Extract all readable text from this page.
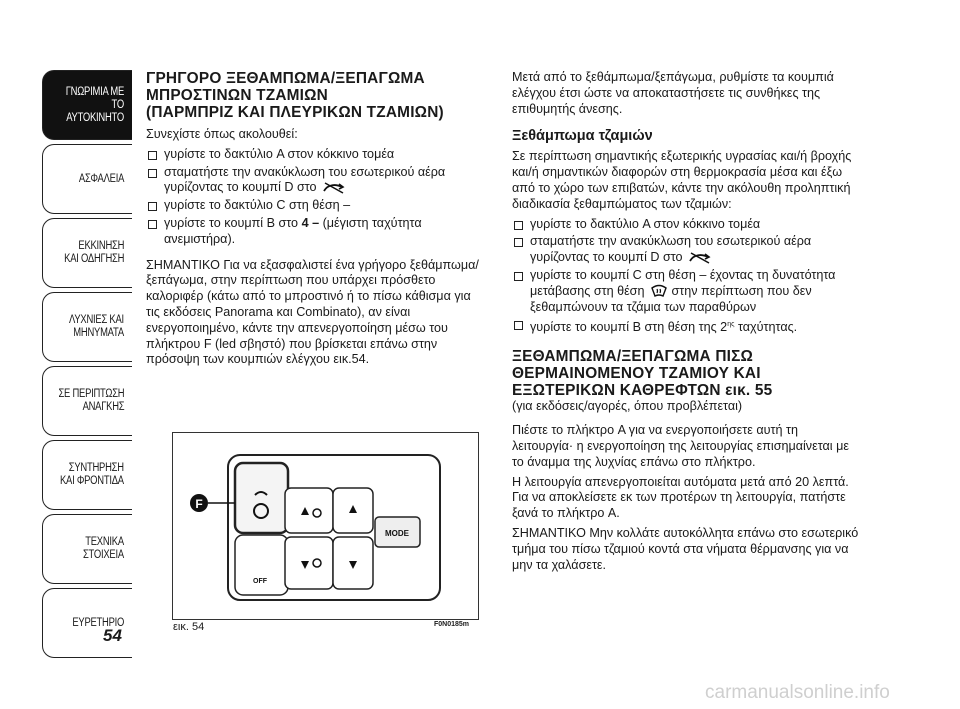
ΓΝΩΡΙΜΙΑ ΜΕ
ΤΟ ΑΥΤΟΚΙΝΗΤΟ
ΑΣΦΑΛΕΙΑ
ΕΚΚΙΝΗΣΗ
ΚΑΙ ΟΔΗΓΗΣΗ
ΛΥΧΝΙΕΣ ΚΑΙ
ΜΗΝΥΜΑΤΑ
ΣΕ ΠΕΡΙΠΤΩΣΗ
ΑΝΑΓΚΗΣ
ΣΥΝΤΗΡΗΣΗ
ΚΑΙ ΦΡΟΝΤΙΔΑ
ΤΕΧΝΙΚΑ
ΣΤΟΙΧΕΙΑ
ΕΥΡΕΤΗΡΙΟ
54
ΓΡΗΓΟΡΟ ΞΕΘΑΜΠΩΜΑ/ΞΕΠΑΓΩΜΑ
ΜΠΡΟΣΤΙΝΩΝ ΤΖΑΜΙΩΝ
(ΠΑΡΜΠΡΙΖ ΚΑΙ ΠΛΕΥΡΙΚΩΝ ΤΖΑΜΙΩΝ)

Συνεχίστε όπως ακολουθεί:

γυρίστε το δακτύλιο A στον κόκκινο τομέα
σταματήστε την ανακύκλωση του εσωτερικού αέρα γυρίζοντας το κουμπί D στο
γυρίστε το δακτύλιο C στη θέση –
γυρίστε το κουμπί B στο 4 – (μέγιστη ταχύτητα ανεμιστήρα).

ΣΗΜΑΝΤΙΚΟ Για να εξασφαλιστεί ένα γρήγορο ξεθάμπωμα/ ξεπάγωμα, στην περίπτωση που υπάρχει πρόσθετο καλοριφέρ (κάτω από το μπροστινό ή το πίσω κάθισμα για τις εκδόσεις Panorama και Combinato), αν είναι ενεργοποιημένο, κάντε την απενεργοποίηση μέσω του πλήκτρου F (led σβηστό) που βρίσκεται επάνω στην πρόσοψη των κουμπιών ελέγχου εικ.54.

MODE
OFF
F
εικ. 54	F0N0185m

Μετά από το ξεθάμπωμα/ξεπάγωμα, ρυθμίστε τα κουμπιά ελέγχου έτσι ώστε να αποκαταστήσετε τις συνθήκες της επιθυμητής άνεσης.

Ξεθάμπωμα τζαμιών

Σε περίπτωση σημαντικής εξωτερικής υγρασίας και/ή βροχής και/ή σημαντικών διαφορών στη θερμοκρασία μέσα και έξω από το χώρο των επιβατών, κάντε την ακόλουθη προληπτική διαδικασία ξεθαμπώματος των τζαμιών:

γυρίστε το δακτύλιο A στον κόκκινο τομέα
σταματήστε την ανακύκλωση του εσωτερικού αέρα γυρίζοντας το κουμπί D στο
γυρίστε το κουμπί C στη θέση – έχοντας τη δυνατότητα μετάβασης στη θέση στην περίπτωση που δεν ξεθαμπώνουν τα τζάμια των παραθύρων
γυρίστε το κουμπί B στη θέση της $2^{\eta\varsigma}$ ταχύτητας.
ΞΕΘΑΜΠΩΜΑ/ΞΕΠΑΓΩΜΑ ΠΙΣΩ
ΘΕΡΜΑΙΝΟΜΕΝΟΥ ΤΖΑΜΙΟΥ ΚΑΙ
ΕΞΩΤΕΡΙΚΩΝ ΚΑΘΡΕΦΤΩΝ εικ. 55

(για εκδόσεις/αγορές, όπου προβλέπεται)

Πιέστε το πλήκτρο A για να ενεργοποιήσετε αυτή τη λειτουργία· η ενεργοποίηση της λειτουργίας επισημαίνεται με το άναμμα της λυχνίας επάνω στο πλήκτρο.

Η λειτουργία απενεργοποιείται αυτόματα μετά από 20 λεπτά. Για να αποκλείσετε εκ των προτέρων τη λειτουργία, πατήστε ξανά το πλήκτρο A.

ΣΗΜΑΝΤΙΚΟ Μην κολλάτε αυτοκόλλητα επάνω στο εσωτερικό τμήμα του πίσω τζαμιού κοντά στα νήματα θέρμανσης για να μην τα χαλάσετε.

carmanualsonline.info
